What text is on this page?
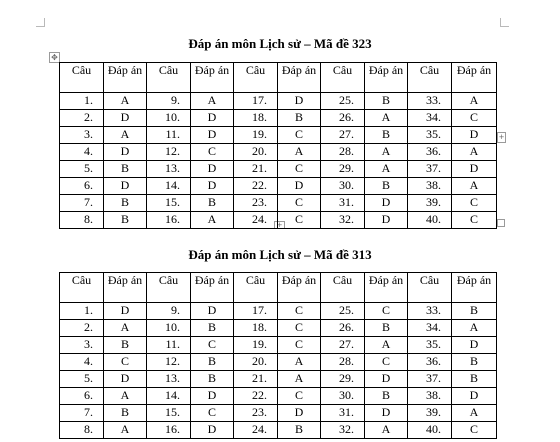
✥
+
+
Đáp án môn Lịch sử – Mã đề 323
Câu	Đáp án	Câu	Đáp án	Câu	Đáp án	Câu	Đáp án	Câu	Đáp án
1.	A	9.	A	17.	D	25.	B	33.	A
2.	D	10.	D	18.	B	26.	A	34.	C
3.	A	11.	D	19.	C	27.	B	35.	D
4.	D	12.	C	20.	A	28.	A	36.	A
5.	B	13.	D	21.	C	29.	A	37.	D
6.	D	14.	D	22.	D	30.	B	38.	A
7.	B	15.	B	23.	C	31.	D	39.	C
8.	B	16.	A	24.	C	32.	D	40.	C
Đáp án môn Lịch sử – Mã đề 313
Câu	Đáp án	Câu	Đáp án	Câu	Đáp án	Câu	Đáp án	Câu	Đáp án
1.	D	9.	D	17.	C	25.	C	33.	B
2.	A	10.	B	18.	C	26.	B	34.	A
3.	B	11.	C	19.	C	27.	A	35.	D
4.	C	12.	B	20.	A	28.	C	36.	B
5.	D	13.	B	21.	A	29.	D	37.	B
6.	A	14.	D	22.	C	30.	B	38.	D
7.	B	15.	C	23.	D	31.	D	39.	A
8.	A	16.	D	24.	B	32.	A	40.	C
